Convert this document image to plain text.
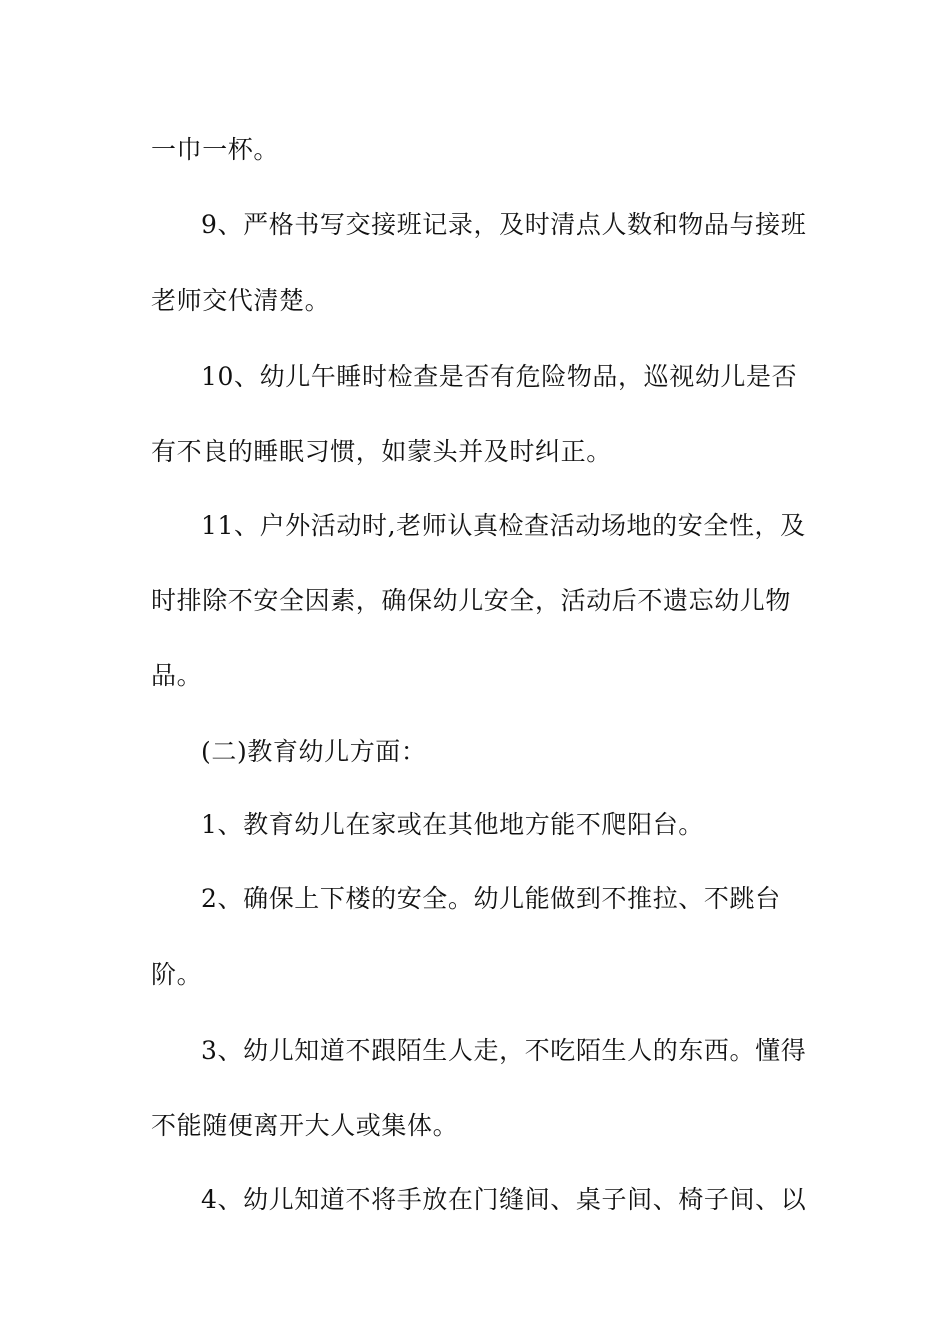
一巾一杯。
9、严格书写交接班记录，及时清点人数和物品与接班
老师交代清楚。
10、幼儿午睡时检查是否有危险物品，巡视幼儿是否
有不良的睡眠习惯，如蒙头并及时纠正。
11、户外活动时,老师认真检查活动场地的安全性，及
时排除不安全因素，确保幼儿安全，活动后不遗忘幼儿物
品。
(二)教育幼儿方面：
1、教育幼儿在家或在其他地方能不爬阳台。
2、确保上下楼的安全。幼儿能做到不推拉、不跳台
阶。
3、幼儿知道不跟陌生人走，不吃陌生人的东西。懂得
不能随便离开大人或集体。
4、幼儿知道不将手放在门缝间、桌子间、椅子间、以
